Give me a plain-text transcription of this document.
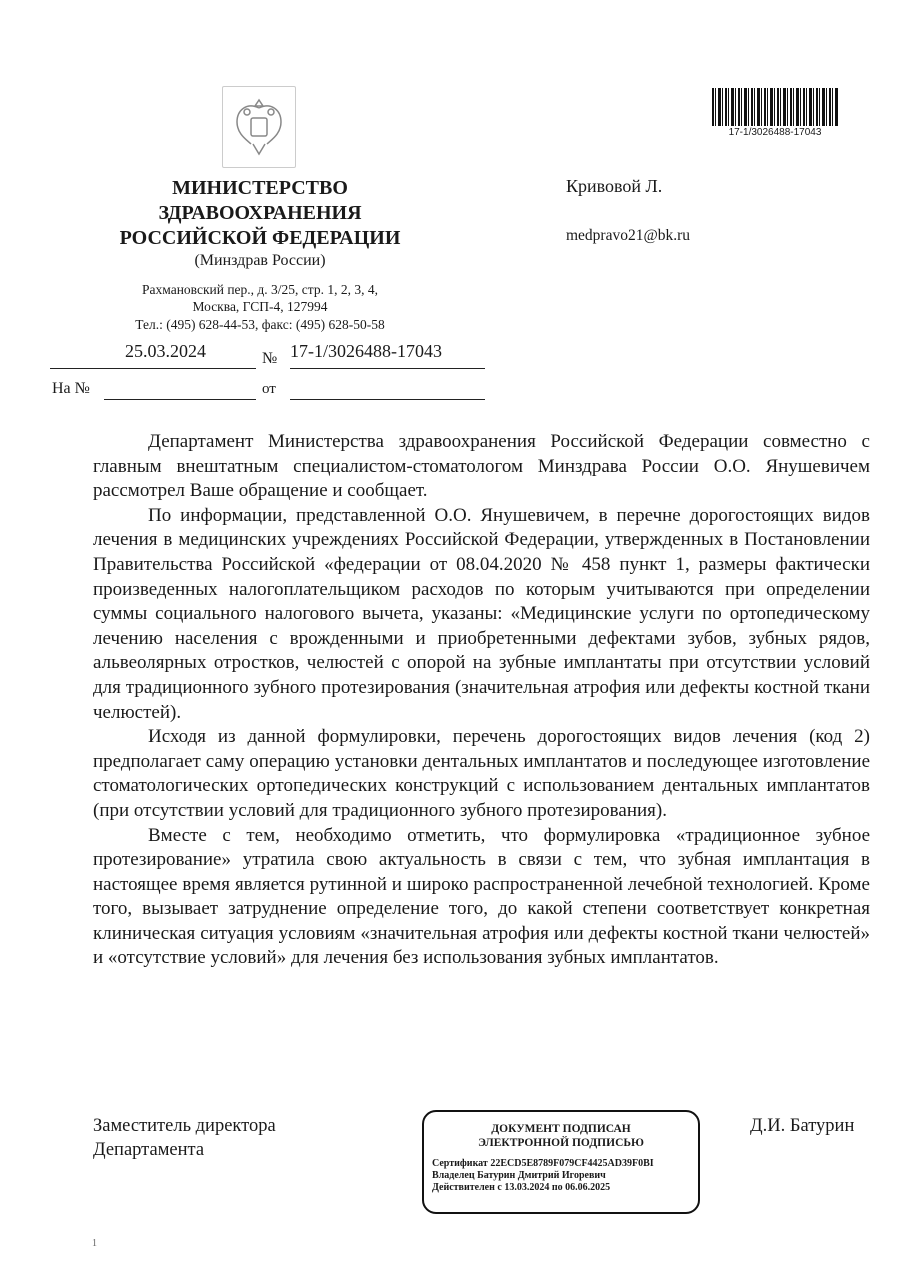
МИНИСТЕРСТВО
ЗДРАВООХРАНЕНИЯ
РОССИЙСКОЙ ФЕДЕРАЦИИ
(Минздрав России)
Рахмановский пер., д. 3/25, стр. 1, 2, 3, 4,
Москва, ГСП-4, 127994
Тел.: (495) 628-44-53, факс: (495) 628-50-58
25.03.2024	№ 17-1/3026488-17043
На №	от
17-1/3026488-17043
Кривовой Л.
medpravo21@bk.ru

Департамент Министерства здравоохранения Российской Федерации совместно с главным внештатным специалистом-стоматологом Минздрава России О.О. Янушевичем рассмотрел Ваше обращение и сообщает.

По информации, представленной О.О. Янушевичем, в перечне дорогостоящих видов лечения в медицинских учреждениях Российской Федерации, утвержденных в Постановлении Правительства Российской «федерации от 08.04.2020 № 458 пункт 1, размеры фактически произведенных налогоплательщиком расходов по которым учитываются при определении суммы социального налогового вычета, указаны: «Медицинские услуги по ортопедическому лечению населения с врожденными и приобретенными дефектами зубов, зубных рядов, альвеолярных отростков, челюстей с опорой на зубные имплантаты при отсутствии условий для традиционного зубного протезирования (значительная атрофия или дефекты костной ткани челюстей).

Исходя из данной формулировки, перечень дорогостоящих видов лечения (код 2) предполагает саму операцию установки дентальных имплантатов и последующее изготовление стоматологических ортопедических конструкций с использованием дентальных имплантатов (при отсутствии условий для традиционного зубного протезирования).

Вместе с тем, необходимо отметить, что формулировка «традиционное зубное протезирование» утратила свою актуальность в связи с тем, что зубная имплантация в настоящее время является рутинной и широко распространенной лечебной технологией. Кроме того, вызывает затруднение определение того, до какой степени соответствует конкретная клиническая ситуация условиям «значительная атрофия или дефекты костной ткани челюстей» и «отсутствие условий» для лечения без использования зубных имплантатов.

Заместитель директора
Департамента
Д.И. Батурин
ДОКУМЕНТ ПОДПИСАН
ЭЛЕКТРОННОЙ ПОДПИСЬЮ
Сертификат 22ECD5E8789F079CF4425AD39F0BI
Владелец Батурин Дмитрий Игоревич
Действителен с 13.03.2024 по 06.06.2025
1
